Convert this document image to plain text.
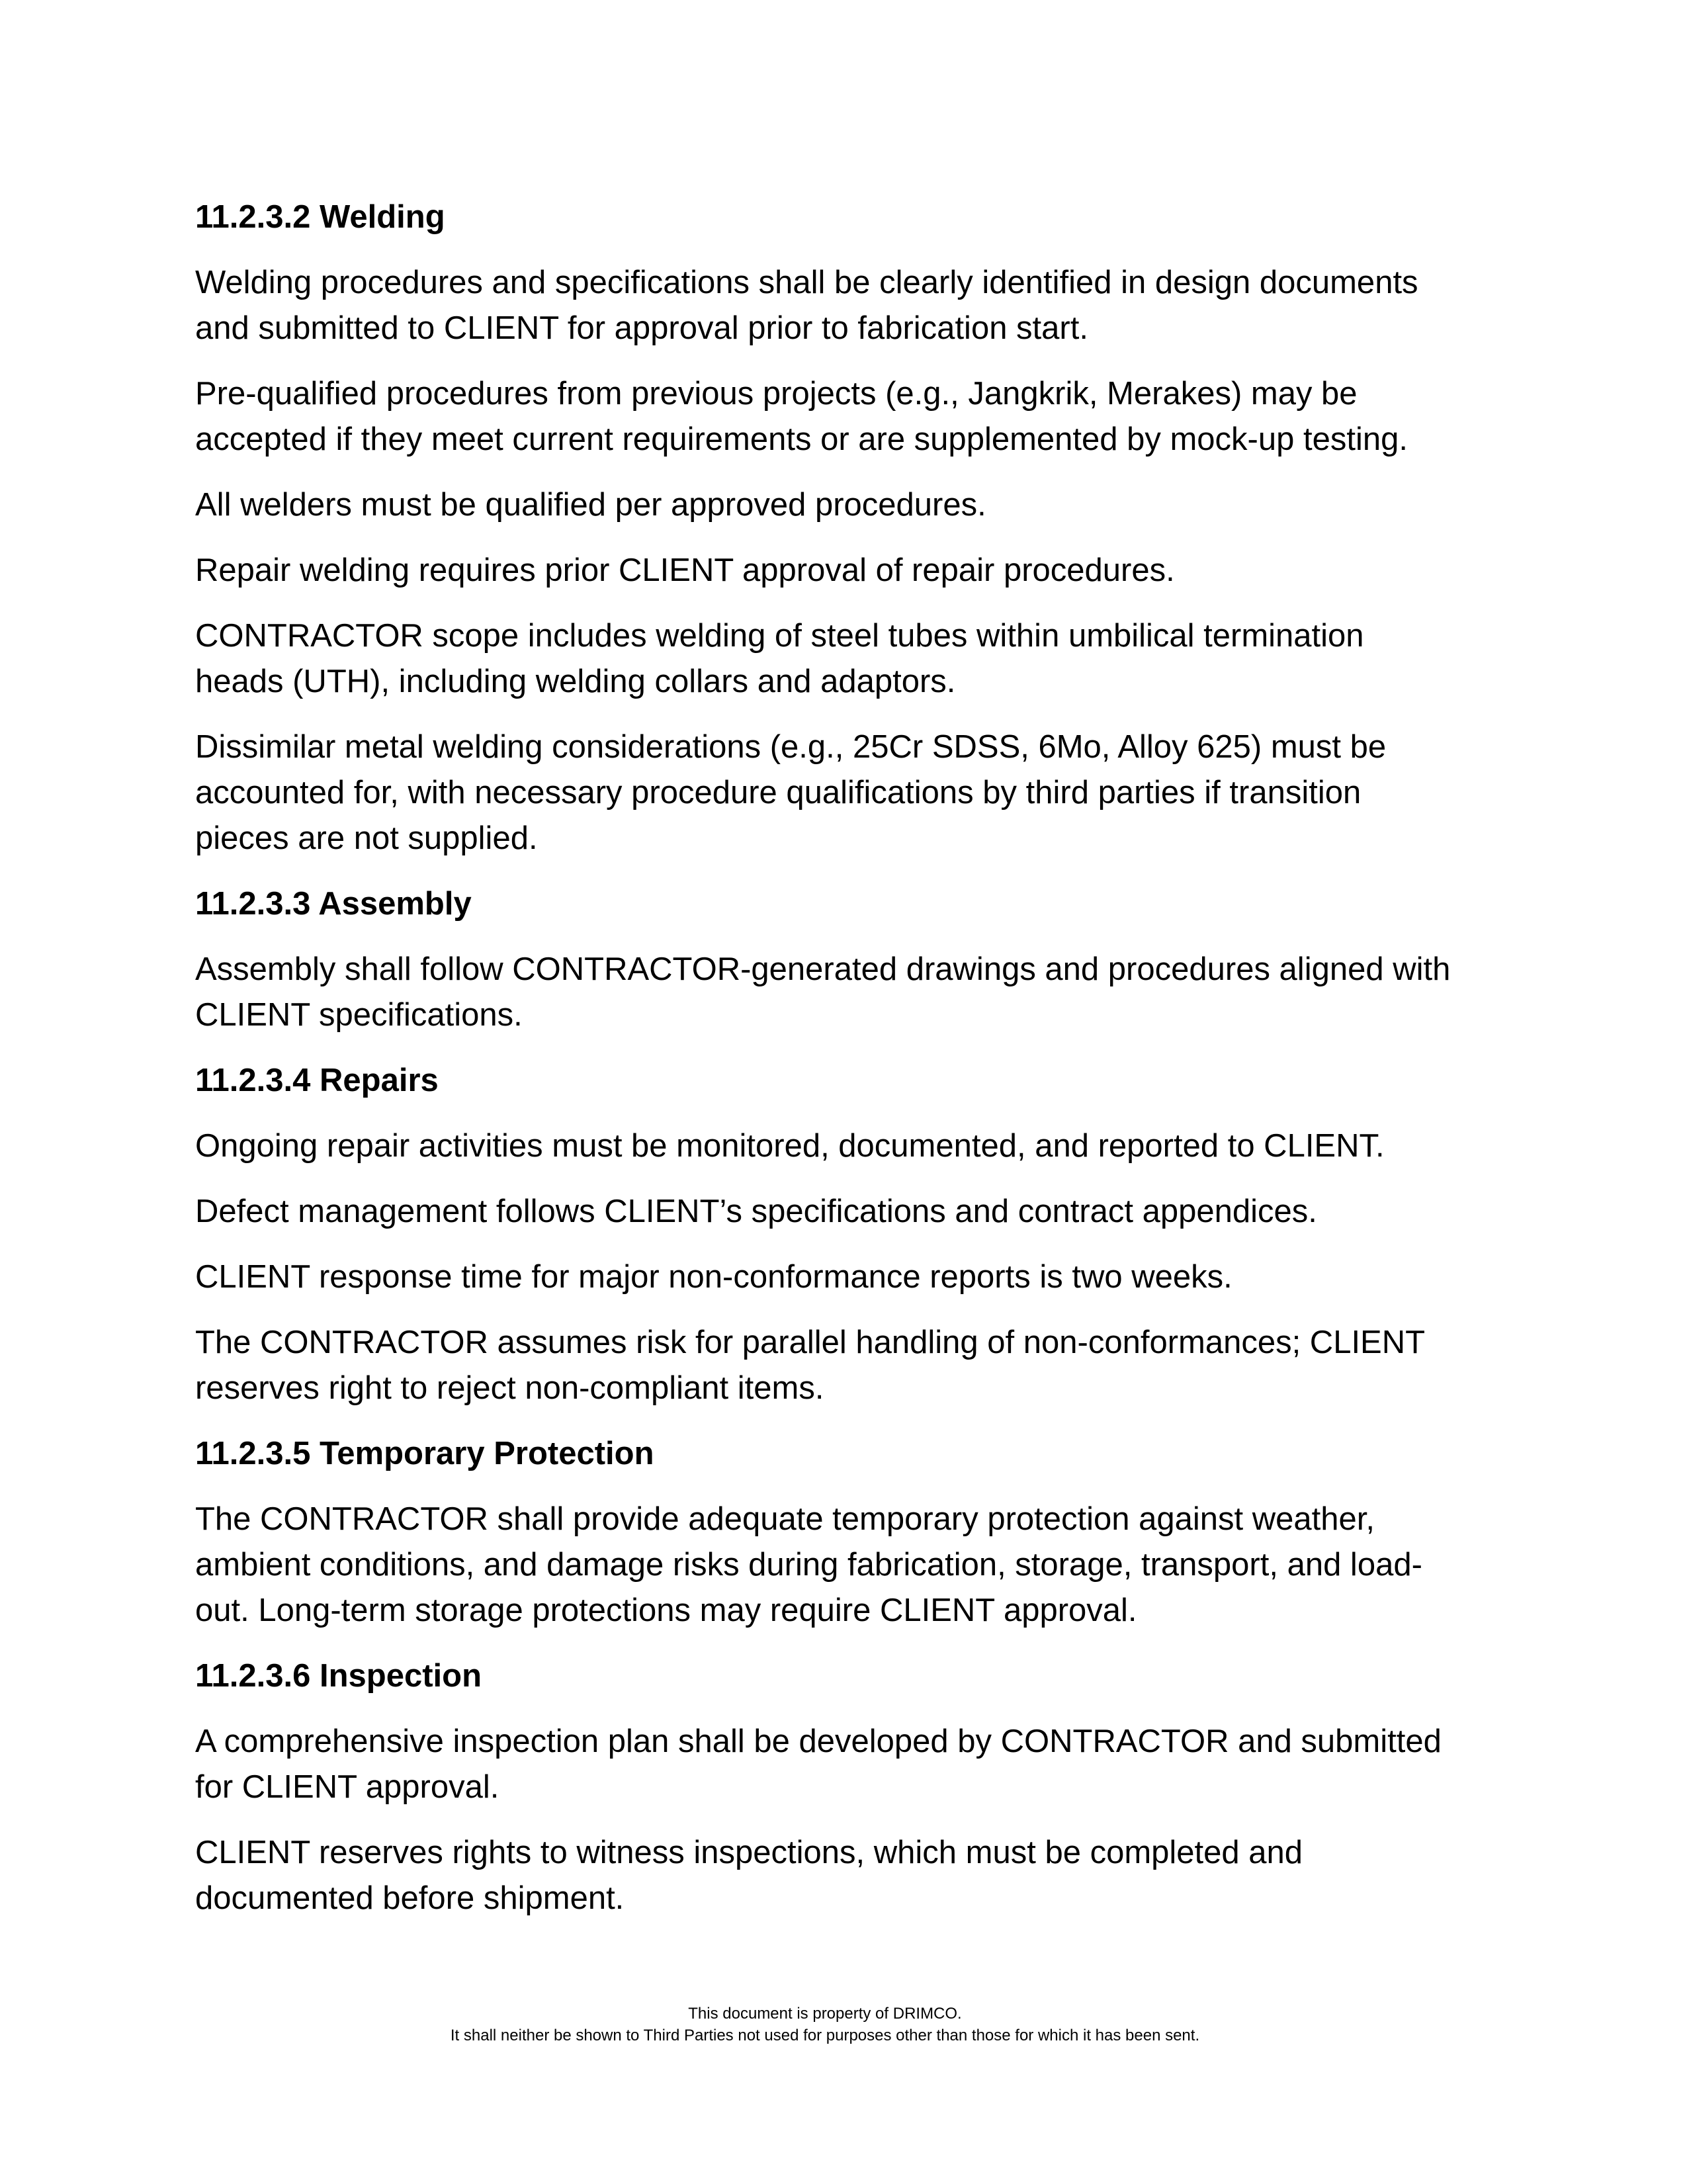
11.2.3.2 Welding

Welding procedures and specifications shall be clearly identified in design documents and submitted to CLIENT for approval prior to fabrication start.

Pre-qualified procedures from previous projects (e.g., Jangkrik, Merakes) may be accepted if they meet current requirements or are supplemented by mock-up testing.

All welders must be qualified per approved procedures.

Repair welding requires prior CLIENT approval of repair procedures.

CONTRACTOR scope includes welding of steel tubes within umbilical termination heads (UTH), including welding collars and adaptors.

Dissimilar metal welding considerations (e.g., 25Cr SDSS, 6Mo, Alloy 625) must be accounted for, with necessary procedure qualifications by third parties if transition pieces are not supplied.

11.2.3.3 Assembly

Assembly shall follow CONTRACTOR-generated drawings and procedures aligned with CLIENT specifications.

11.2.3.4 Repairs

Ongoing repair activities must be monitored, documented, and reported to CLIENT.

Defect management follows CLIENT’s specifications and contract appendices.

CLIENT response time for major non-conformance reports is two weeks.

The CONTRACTOR assumes risk for parallel handling of non-conformances; CLIENT reserves right to reject non-compliant items.

11.2.3.5 Temporary Protection

The CONTRACTOR shall provide adequate temporary protection against weather, ambient conditions, and damage risks during fabrication, storage, transport, and load-out. Long-term storage protections may require CLIENT approval.

11.2.3.6 Inspection

A comprehensive inspection plan shall be developed by CONTRACTOR and submitted for CLIENT approval.

CLIENT reserves rights to witness inspections, which must be completed and documented before shipment.

This document is property of DRIMCO.
It shall neither be shown to Third Parties not used for purposes other than those for which it has been sent.
